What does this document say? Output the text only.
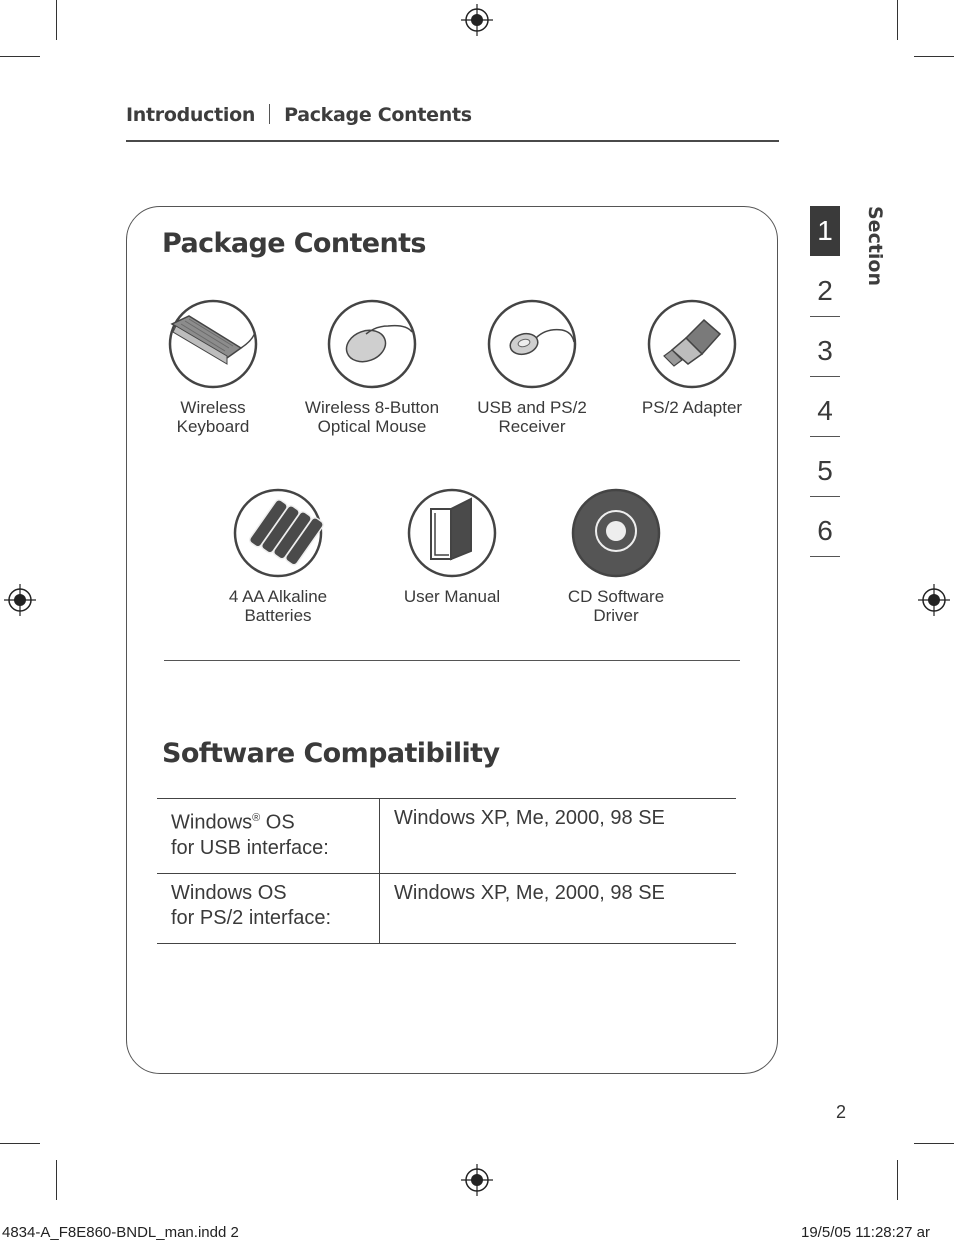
Introduction Package Contents
Section
1
2
3
4
5
6
Package Contents
Wireless
Keyboard
Wireless 8-Button
Optical Mouse
USB and PS/2
Receiver
PS/2 Adapter
4 AA Alkaline
Batteries
User Manual	CD Software
Driver
Software Compatibility
Windows® OS
for USB interface:	Windows XP, Me, 2000, 98 SE
Windows OS
for PS/2 interface:	Windows XP, Me, 2000, 98 SE
2
4834-A_F8E860-BNDL_man.indd 2	19/5/05 11:28:27 ar
